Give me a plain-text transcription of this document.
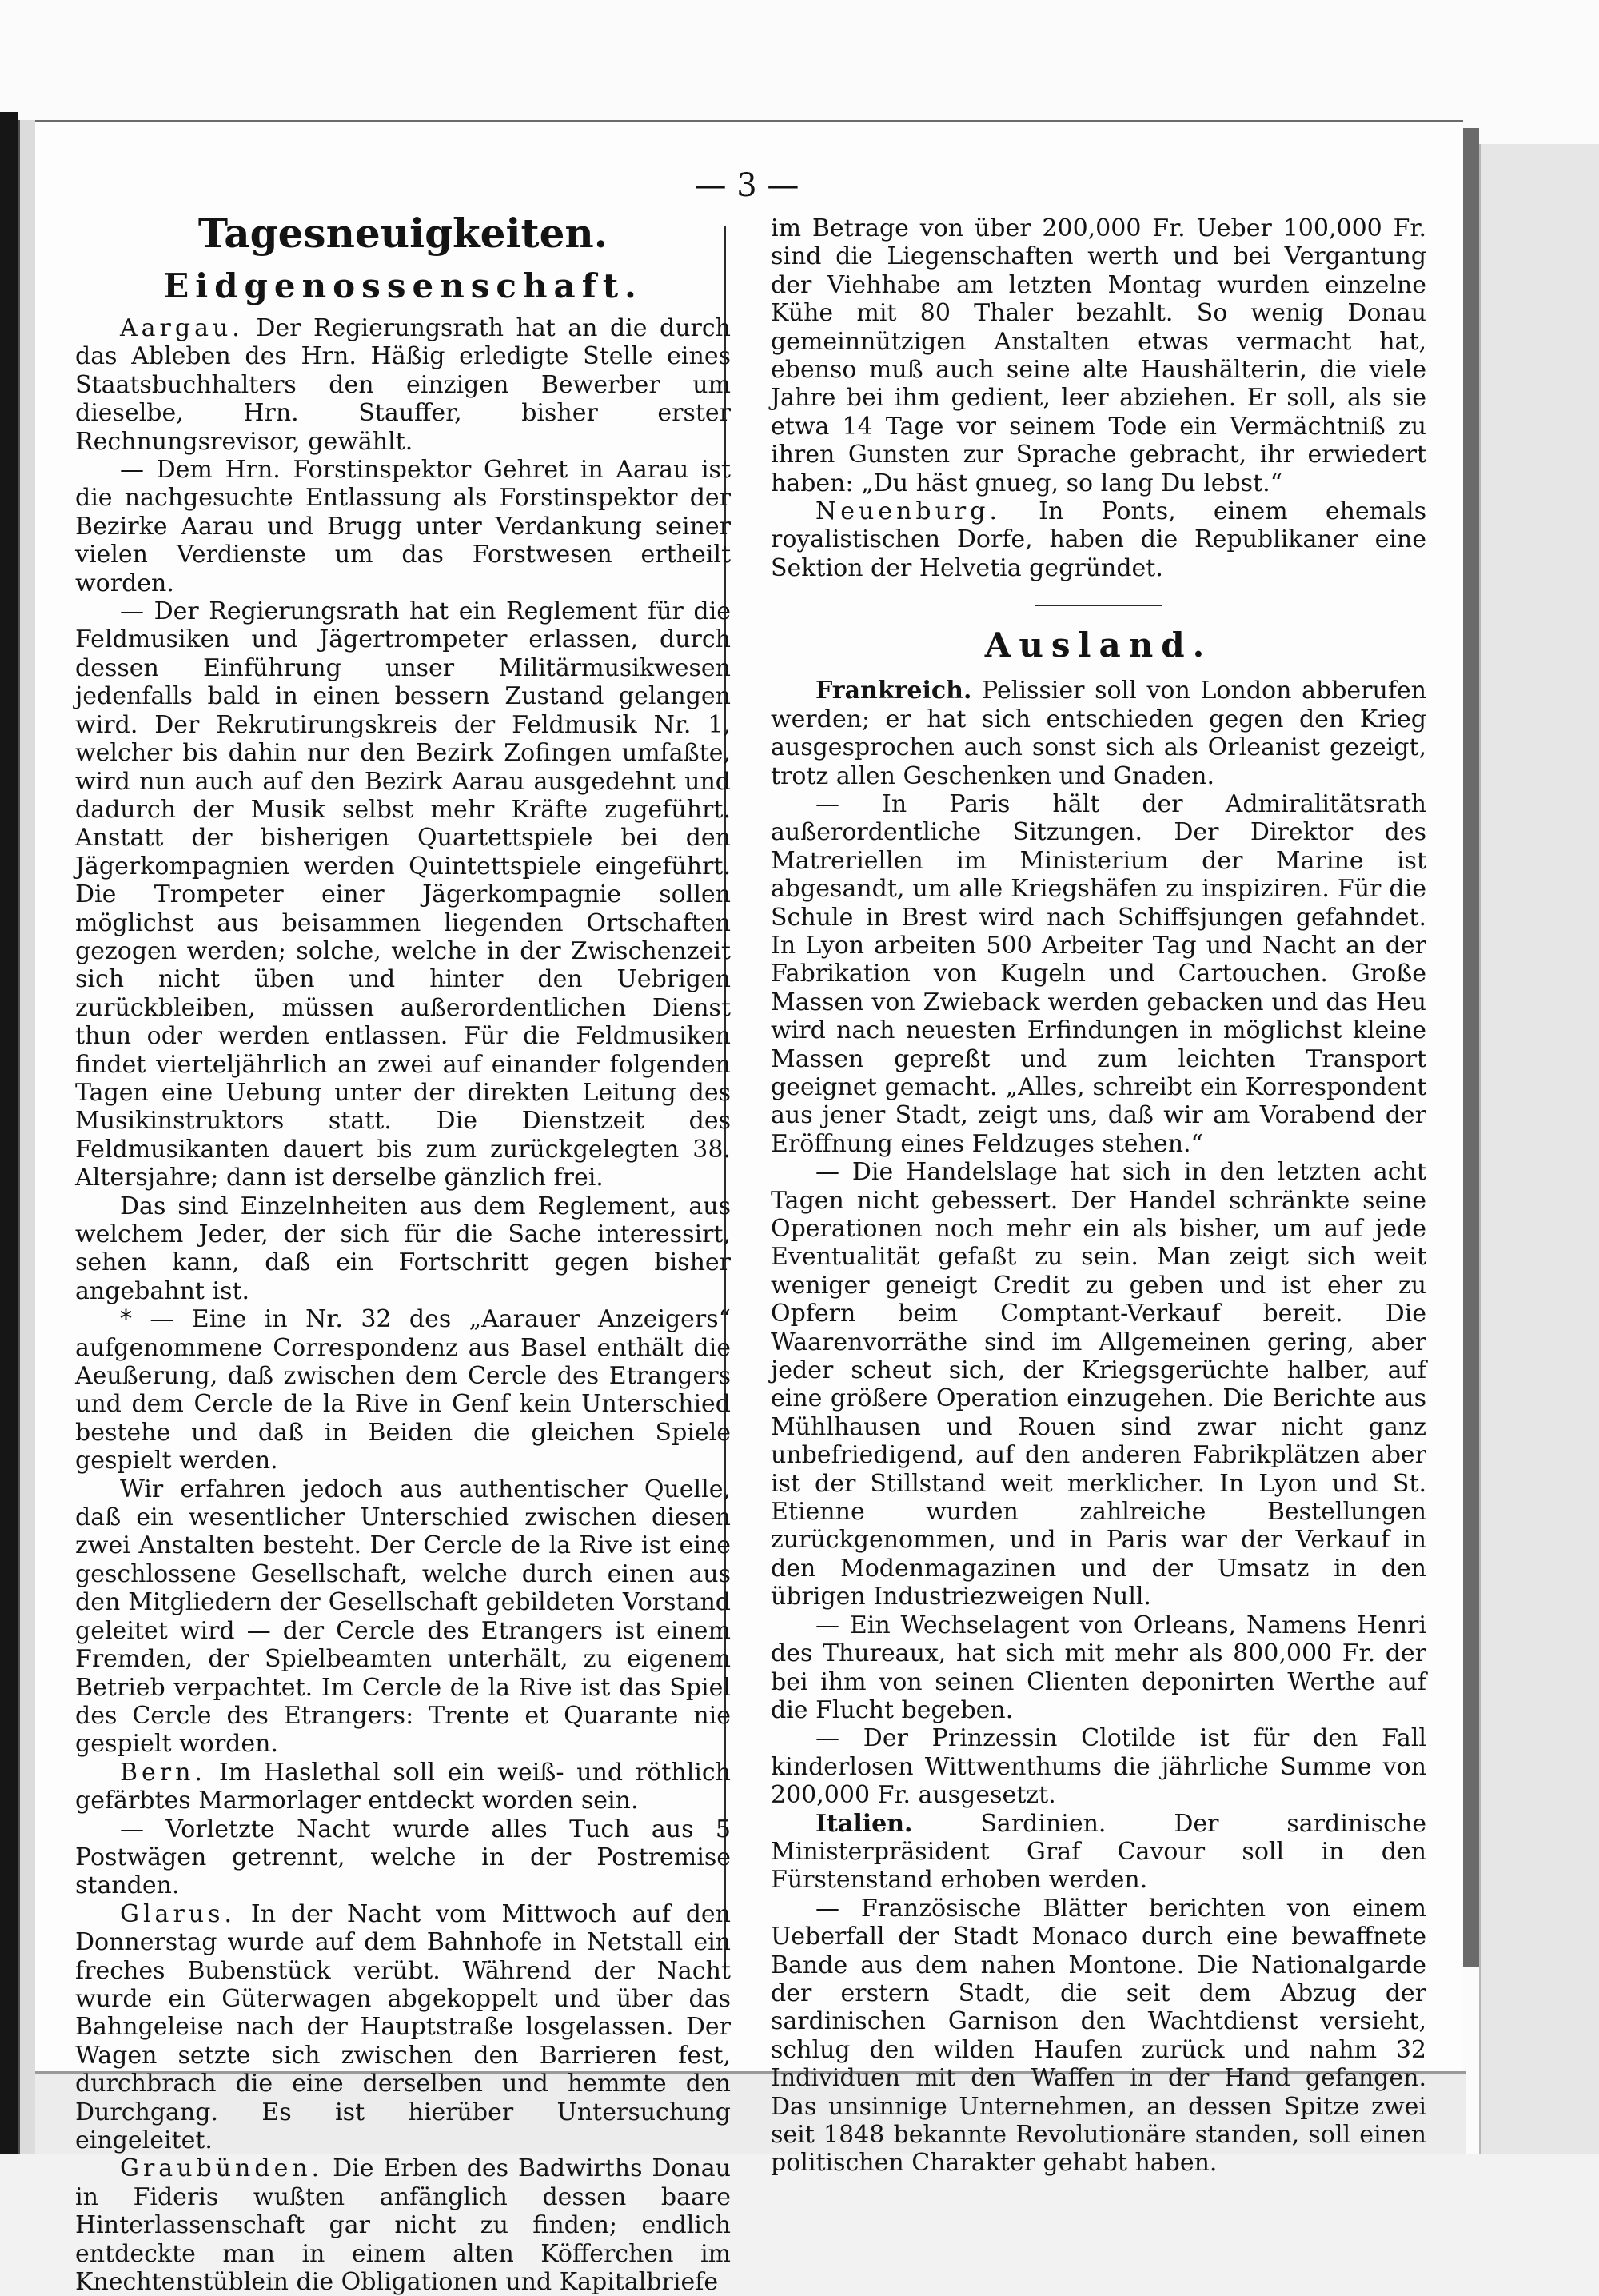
— 3 —
Tagesneuigkeiten.
Eidgenossenschaft.

Aargau. Der Regierungsrath hat an die durch das Ableben des Hrn. Häßig erledigte Stelle eines Staatsbuchhalters den einzigen Bewerber um dieselbe, Hrn. Stauffer, bisher erster Rechnungsrevisor, gewählt.

— Dem Hrn. Forstinspektor Gehret in Aarau ist die nachgesuchte Entlassung als Forstinspektor der Bezirke Aarau und Brugg unter Verdankung seiner vielen Verdienste um das Forstwesen ertheilt worden.

— Der Regierungsrath hat ein Reglement für die Feldmusiken und Jägertrompeter erlassen, durch dessen Einführung unser Militärmusikwesen jedenfalls bald in einen bessern Zustand gelangen wird. Der Rekrutirungskreis der Feldmusik Nr. 1, welcher bis dahin nur den Bezirk Zofingen umfaßte, wird nun auch auf den Bezirk Aarau ausgedehnt und dadurch der Musik selbst mehr Kräfte zugeführt. Anstatt der bisherigen Quartettspiele bei den Jägerkompagnien werden Quintettspiele eingeführt. Die Trompeter einer Jägerkompagnie sollen möglichst aus beisammen liegenden Ortschaften gezogen werden; solche, welche in der Zwischenzeit sich nicht üben und hinter den Uebrigen zurückbleiben, müssen außerordentlichen Dienst thun oder werden entlassen. Für die Feldmusiken findet vierteljährlich an zwei auf einander folgenden Tagen eine Uebung unter der direkten Leitung des Musikinstruktors statt. Die Dienstzeit des Feldmusikanten dauert bis zum zurückgelegten 38. Altersjahre; dann ist derselbe gänzlich frei.

Das sind Einzelnheiten aus dem Reglement, aus welchem Jeder, der sich für die Sache interessirt, sehen kann, daß ein Fortschritt gegen bisher angebahnt ist.

* — Eine in Nr. 32 des „Aarauer Anzeigers“ aufgenommene Correspondenz aus Basel enthält die Aeußerung, daß zwischen dem Cercle des Etrangers und dem Cercle de la Rive in Genf kein Unterschied bestehe und daß in Beiden die gleichen Spiele gespielt werden.

Wir erfahren jedoch aus authentischer Quelle, daß ein wesentlicher Unterschied zwischen diesen zwei Anstalten besteht. Der Cercle de la Rive ist eine geschlossene Gesellschaft, welche durch einen aus den Mitgliedern der Gesellschaft gebildeten Vorstand geleitet wird — der Cercle des Etrangers ist einem Fremden, der Spielbeamten unterhält, zu eigenem Betrieb verpachtet. Im Cercle de la Rive ist das Spiel des Cercle des Etrangers: Trente et Quarante nie gespielt worden.

Bern. Im Haslethal soll ein weiß- und röthlich gefärbtes Marmorlager entdeckt worden sein.

— Vorletzte Nacht wurde alles Tuch aus 5 Postwägen getrennt, welche in der Postremise standen.

Glarus. In der Nacht vom Mittwoch auf den Donnerstag wurde auf dem Bahnhofe in Netstall ein freches Bubenstück verübt. Während der Nacht wurde ein Güterwagen abgekoppelt und über das Bahngeleise nach der Hauptstraße losgelassen. Der Wagen setzte sich zwischen den Barrieren fest, durchbrach die eine derselben und hemmte den Durchgang. Es ist hierüber Untersuchung eingeleitet.

Graubünden. Die Erben des Badwirths Donau in Fideris wußten anfänglich dessen baare Hinterlassenschaft gar nicht zu finden; endlich entdeckte man in einem alten Köfferchen im Knechtenstüblein die Obligationen und Kapitalbriefe

im Betrage von über 200,000 Fr. Ueber 100,000 Fr. sind die Liegenschaften werth und bei Vergantung der Viehhabe am letzten Montag wurden einzelne Kühe mit 80 Thaler bezahlt. So wenig Donau gemeinnützigen Anstalten etwas vermacht hat, ebenso muß auch seine alte Haushälterin, die viele Jahre bei ihm gedient, leer abziehen. Er soll, als sie etwa 14 Tage vor seinem Tode ein Vermächtniß zu ihren Gunsten zur Sprache gebracht, ihr erwiedert haben: „Du häst gnueg, so lang Du lebst.“

Neuenburg. In Ponts, einem ehemals royalistischen Dorfe, haben die Republikaner eine Sektion der Helvetia gegründet.

Ausland.

Frankreich. Pelissier soll von London abberufen werden; er hat sich entschieden gegen den Krieg ausgesprochen auch sonst sich als Orleanist gezeigt, trotz allen Geschenken und Gnaden.

— In Paris hält der Admiralitätsrath außerordentliche Sitzungen. Der Direktor des Matreriellen im Ministerium der Marine ist abgesandt, um alle Kriegshäfen zu inspiziren. Für die Schule in Brest wird nach Schiffsjungen gefahndet. In Lyon arbeiten 500 Arbeiter Tag und Nacht an der Fabrikation von Kugeln und Cartouchen. Große Massen von Zwieback werden gebacken und das Heu wird nach neuesten Erfindungen in möglichst kleine Massen gepreßt und zum leichten Transport geeignet gemacht. „Alles, schreibt ein Korrespondent aus jener Stadt, zeigt uns, daß wir am Vorabend der Eröffnung eines Feldzuges stehen.“

— Die Handelslage hat sich in den letzten acht Tagen nicht gebessert. Der Handel schränkte seine Operationen noch mehr ein als bisher, um auf jede Eventualität gefaßt zu sein. Man zeigt sich weit weniger geneigt Credit zu geben und ist eher zu Opfern beim Comptant-Verkauf bereit. Die Waarenvorräthe sind im Allgemeinen gering, aber jeder scheut sich, der Kriegsgerüchte halber, auf eine größere Operation einzugehen. Die Berichte aus Mühlhausen und Rouen sind zwar nicht ganz unbefriedigend, auf den anderen Fabrikplätzen aber ist der Stillstand weit merklicher. In Lyon und St. Etienne wurden zahlreiche Bestellungen zurückgenommen, und in Paris war der Verkauf in den Modenmagazinen und der Umsatz in den übrigen Industriezweigen Null.

— Ein Wechselagent von Orleans, Namens Henri des Thureaux, hat sich mit mehr als 800,000 Fr. der bei ihm von seinen Clienten deponirten Werthe auf die Flucht begeben.

— Der Prinzessin Clotilde ist für den Fall kinderlosen Wittwenthums die jährliche Summe von 200,000 Fr. ausgesetzt.

Italien.	Sardinien. Der sardinische Ministerpräsident Graf Cavour soll in den Fürstenstand erhoben werden.

— Französische Blätter berichten von einem Ueberfall der Stadt Monaco durch eine bewaffnete Bande aus dem nahen Montone. Die Nationalgarde der erstern Stadt, die seit dem Abzug der sardinischen Garnison den Wachtdienst versieht, schlug den wilden Haufen zurück und nahm 32 Individuen mit den Waffen in der Hand gefangen. Das unsinnige Unternehmen, an dessen Spitze zwei seit 1848 bekannte Revolutionäre standen, soll einen politischen Charakter gehabt haben.
